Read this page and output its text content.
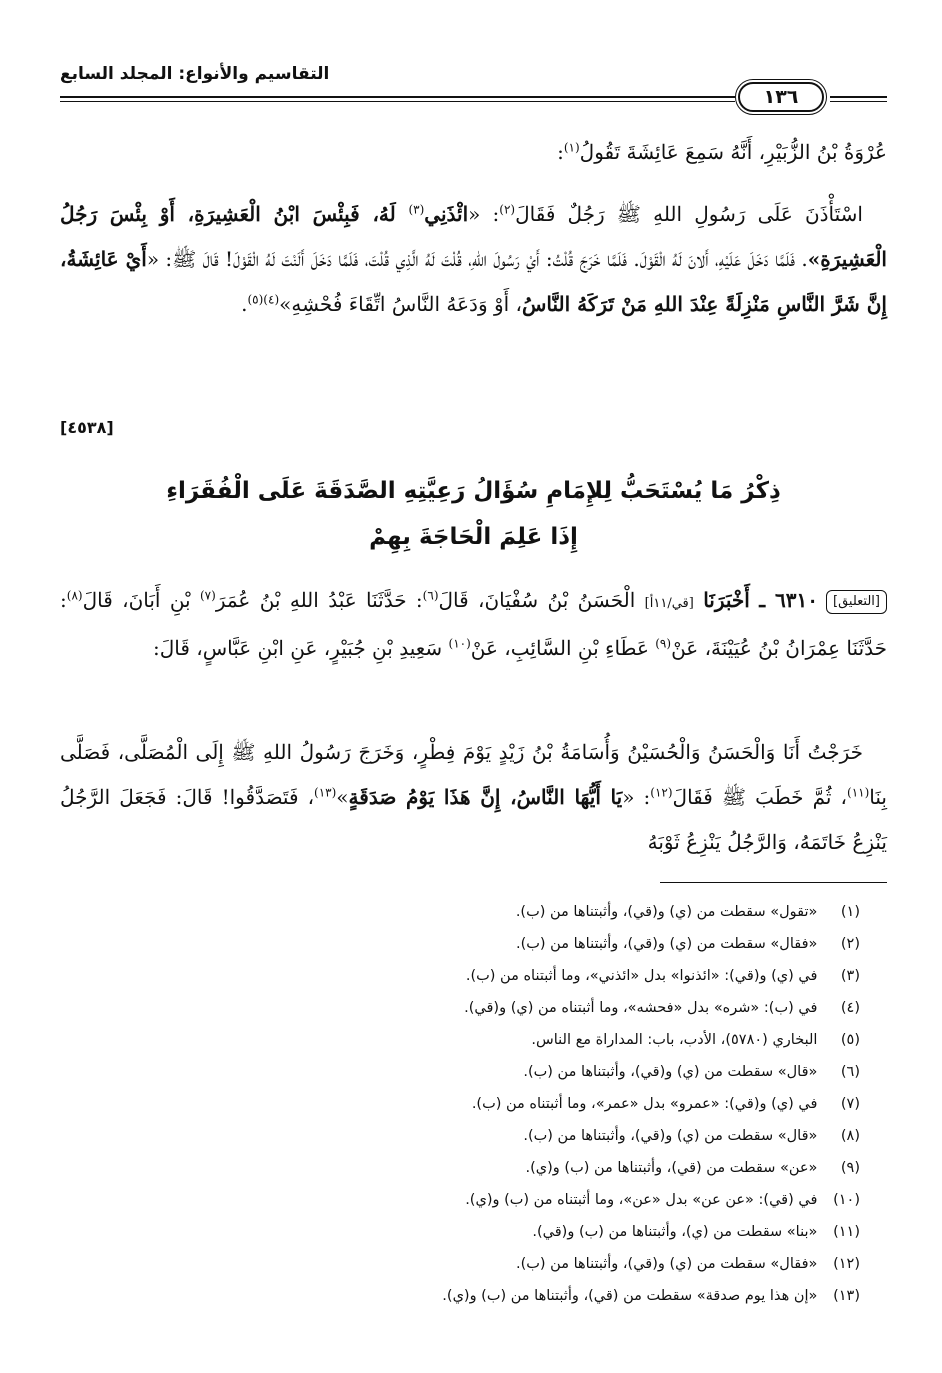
التقاسيم والأنواع: المجلد السابع
١٣٦
عُرْوَةُ بْنُ الزُّبَيْرِ، أَنَّهُ سَمِعَ عَائِشَةَ تَقُولُ$^{(١)}$:
اسْتَأْذَنَ عَلَى رَسُولِ اللهِ ﷺ رَجُلٌ فَقَالَ$^{(٢)}$: «ائْذَنِي$^{(٣)}$ لَهُ، فَبِئْسَ ابْنُ الْعَشِيرَةِ، أَوْ بِئْسَ رَجُلُ الْعَشِيرَةِ». فَلَمَّا دَخَلَ عَلَيْهِ، أَلانَ لَهُ الْقَوْلَ. فَلَمَّا خَرَجَ قُلْتُ: أَيْ رَسُولَ اللهِ، قُلْتَ لَهُ الَّذِي قُلْتَ، فَلَمَّا دَخَلَ أَلَنْتَ لَهُ الْقَوْلَ! قَالَ ﷺ: «أَيْ عَائِشَةُ، إِنَّ شَرَّ النَّاسِ مَنْزِلَةً عِنْدَ اللهِ مَنْ تَرَكَهُ النَّاسُ، أَوْ وَدَعَهُ النَّاسُ اتِّقَاءَ فُحْشِهِ»$^{(٤)(٥)}$.
[٤٥٣٨]
ذِكْرُ مَا يُسْتَحَبُّ لِلإِمَامِ سُؤَالُ رَعِيَّتِهِ الصَّدَقَةَ عَلَى الْفُقَرَاءِ
إِذَا عَلِمَ الْحَاجَةَ بِهِمْ
[التعليق]٦٣١٠ ـ أَخْبَرَنَا [قي/١١أ] الْحَسَنُ بْنُ سُفْيَانَ، قَالَ$^{(٦)}$: حَدَّثَنَا عَبْدُ اللهِ بْنُ عُمَرَ$^{(٧)}$ بْنِ أَبَانَ، قَالَ$^{(٨)}$: حَدَّثَنَا عِمْرَانُ بْنُ عُيَيْنَةَ، عَنْ$^{(٩)}$ عَطَاءِ بْنِ السَّائِبِ، عَنْ$^{(١٠)}$ سَعِيدِ بْنِ جُبَيْرٍ، عَنِ ابْنِ عَبَّاسٍ، قَالَ:
خَرَجْتُ أَنَا وَالْحَسَنُ وَالْحُسَيْنُ وَأُسَامَةُ بْنُ زَيْدٍ يَوْمَ فِطْرٍ، وَخَرَجَ رَسُولُ اللهِ ﷺ إِلَى الْمُصَلَّى، فَصَلَّى بِنَا$^{(١١)}$، ثُمَّ خَطَبَ ﷺ فَقَالَ$^{(١٢)}$: «يَا أَيُّهَا النَّاسُ، إِنَّ هَذَا يَوْمُ صَدَقَةٍ»$^{(١٣)}$، فَتَصَدَّقُوا! قَالَ: فَجَعَلَ الرَّجُلُ يَنْزِعُ خَاتَمَهُ، وَالرَّجُلُ يَنْزِعُ ثَوْبَهُ
(١) «تقول» سقطت من (ي) و(قي)، وأثبتناها من (ب).
(٢) «فقال» سقطت من (ي) و(قي)، وأثبتناها من (ب).
(٣) في (ي) و(قي): «ائذنوا» بدل «ائذني»، وما أثبتناه من (ب).
(٤) في (ب): «شره» بدل «فحشه»، وما أثبتناه من (ي) و(قي).
(٥) البخاري (٥٧٨٠)، الأدب، باب: المداراة مع الناس.
(٦) «قال» سقطت من (ي) و(قي)، وأثبتناها من (ب).
(٧) في (ي) و(قي): «عمرو» بدل «عمر»، وما أثبتناه من (ب).
(٨) «قال» سقطت من (ي) و(قي)، وأثبتناها من (ب).
(٩) «عن» سقطت من (قي)، وأثبتناها من (ب) و(ي).
(١٠) في (قي): «عن عن» بدل «عن»، وما أثبتناه من (ب) و(ي).
(١١) «بنا» سقطت من (ي)، وأثبتناها من (ب) و(قي).
(١٢) «فقال» سقطت من (ي) و(قي)، وأثبتناها من (ب).
(١٣) «إن هذا يوم صدقة» سقطت من (قي)، وأثبتناها من (ب) و(ي).
